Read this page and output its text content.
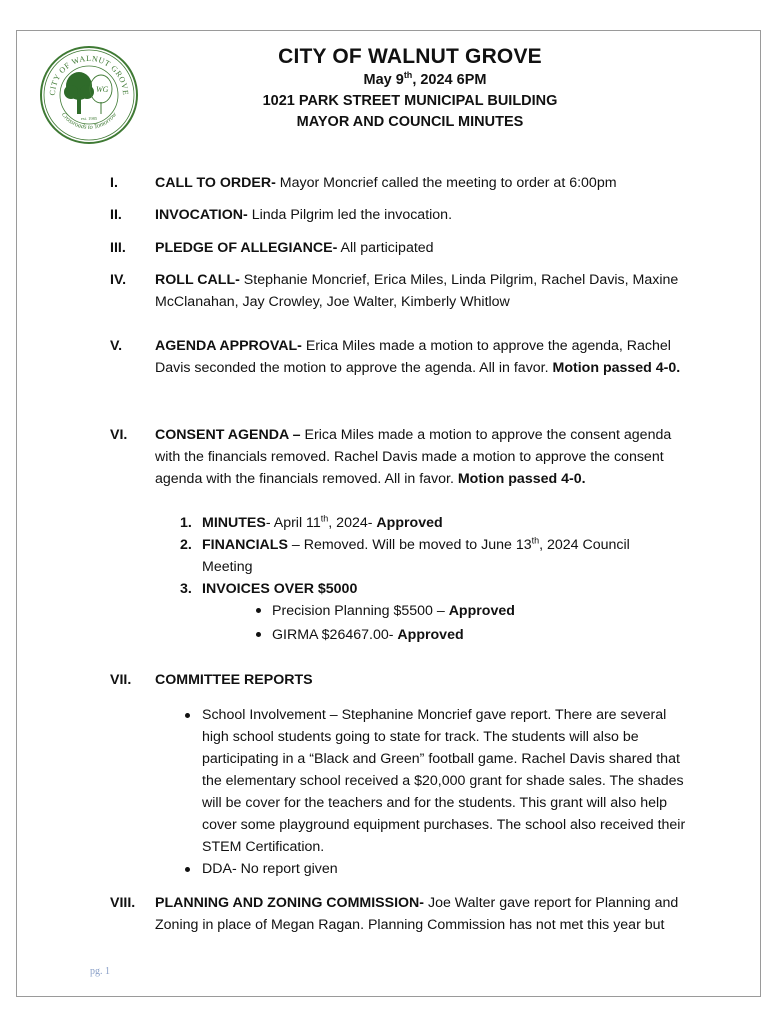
CITY OF WALNUT GROVE
Crossroads to Tomorrow
WG
est. 1985
CITY OF WALNUT GROVE
May 9th, 2024 6PM
1021 PARK STREET MUNICIPAL BUILDING
MAYOR AND COUNCIL MINUTES
I.	CALL TO ORDER- Mayor Moncrief called the meeting to order at 6:00pm
II. INVOCATION- Linda Pilgrim led the invocation.
III. PLEDGE OF ALLEGIANCE- All participated
IV. ROLL CALL- Stephanie Moncrief, Erica Miles, Linda Pilgrim, Rachel Davis, Maxine McClanahan, Jay Crowley, Joe Walter, Kimberly Whitlow
V. AGENDA APPROVAL- Erica Miles made a motion to approve the agenda, Rachel Davis seconded the motion to approve the agenda. All in favor. Motion passed 4-0.
VI. CONSENT AGENDA – Erica Miles made a motion to approve the consent agenda with the financials removed. Rachel Davis made a motion to approve the consent agenda with the financials removed. All in favor. Motion passed 4-0.
1. MINUTES- April 11th, 2024- Approved
2. FINANCIALS – Removed. Will be moved to June 13th, 2024 Council
Meeting
3. INVOICES OVER $5000
Precision Planning $5500 – Approved
GIRMA $26467.00- Approved
VII. COMMITTEE REPORTS
School Involvement – Stephanine Moncrief gave report. There are several high school students going to state for track. The students will also be participating in a “Black and Green” football game. Rachel Davis shared that the elementary school received a $20,000 grant for shade sales. The shades will be cover for the teachers and for the students. This grant will also help cover some playground equipment purchases. The school also received their STEM Certification.
DDA- No report given
VIII. PLANNING AND ZONING COMMISSION- Joe Walter gave report for Planning and Zoning in place of Megan Ragan. Planning Commission has not met this year but
pg. 1
